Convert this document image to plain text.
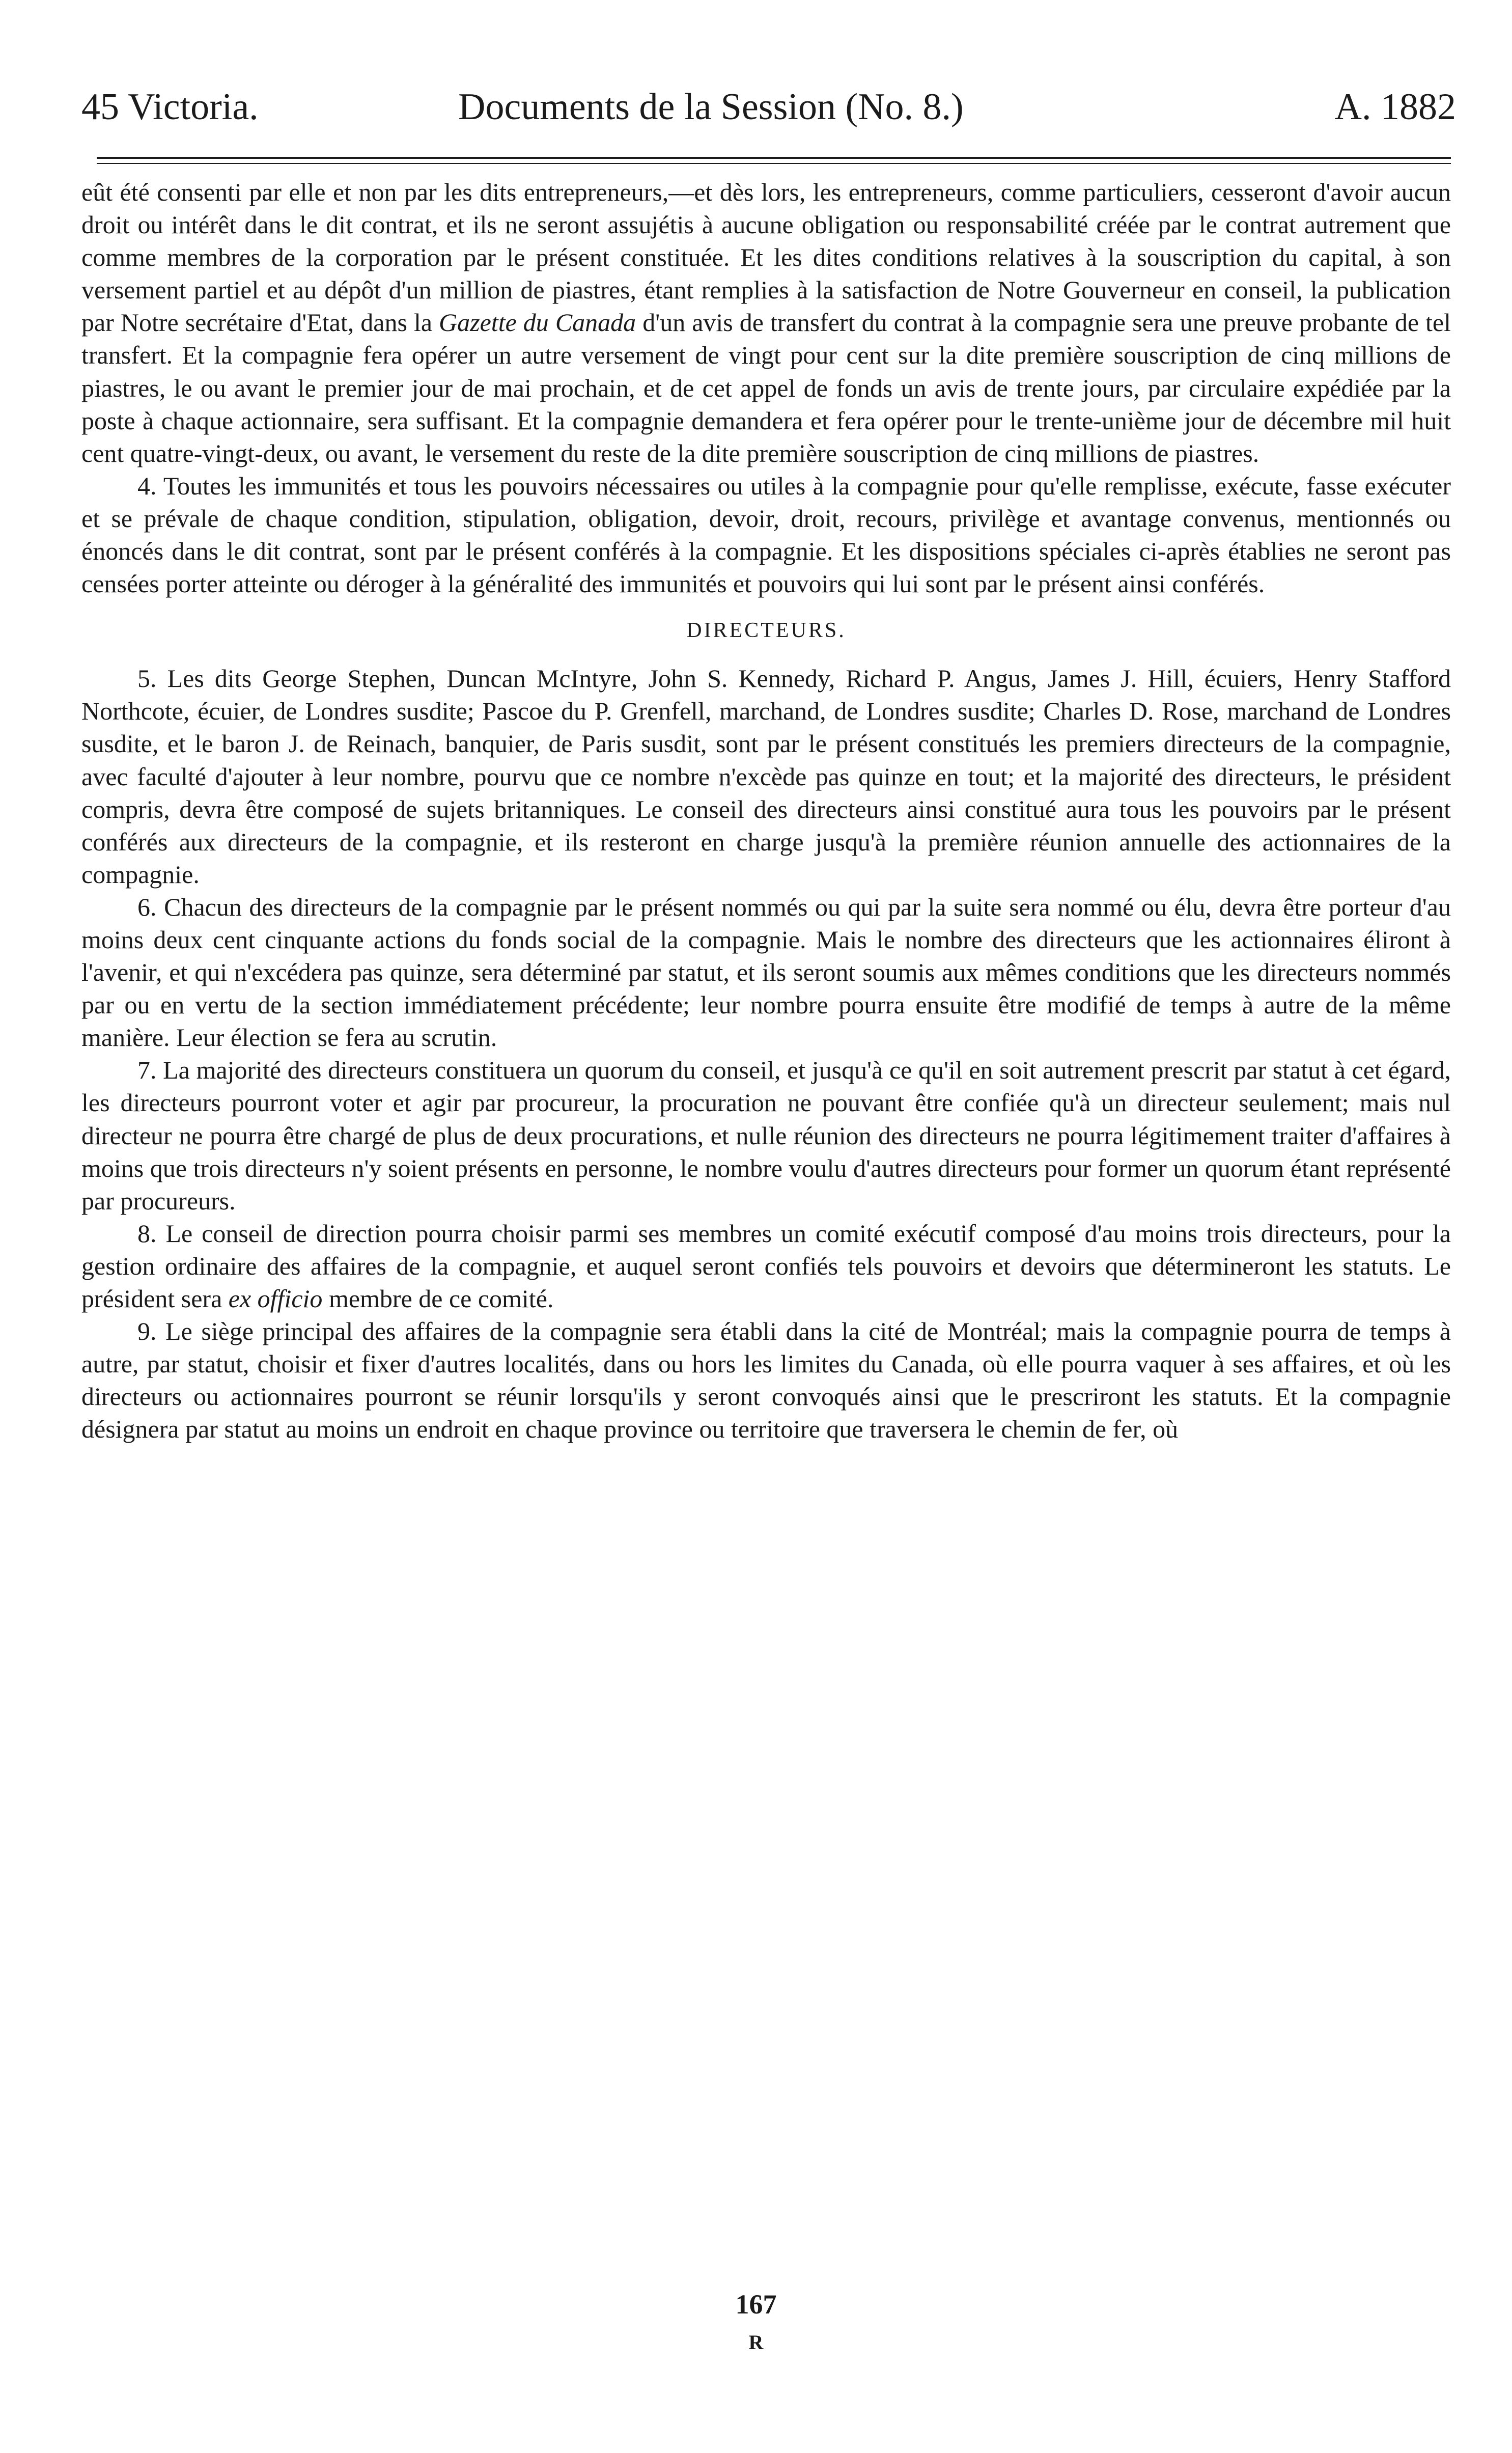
45 Victoria.	Documents de la Session (No. 8.)	A. 1882

eût été consenti par elle et non par les dits entrepreneurs,—et dès lors, les entrepreneurs, comme particuliers, cesseront d'avoir aucun droit ou intérêt dans le dit contrat, et ils ne seront assujétis à aucune obligation ou responsabilité créée par le contrat autrement que comme membres de la corporation par le présent constituée. Et les dites conditions relatives à la souscription du capital, à son versement partiel et au dépôt d'un million de piastres, étant remplies à la satisfaction de Notre Gouverneur en conseil, la publication par Notre secrétaire d'Etat, dans la Gazette du Canada d'un avis de transfert du contrat à la compagnie sera une preuve probante de tel transfert. Et la compagnie fera opérer un autre versement de vingt pour cent sur la dite première souscription de cinq millions de piastres, le ou avant le premier jour de mai prochain, et de cet appel de fonds un avis de trente jours, par circulaire expédiée par la poste à chaque actionnaire, sera suffisant. Et la compagnie demandera et fera opérer pour le trente-unième jour de décembre mil huit cent quatre-vingt-deux, ou avant, le versement du reste de la dite première souscription de cinq millions de piastres.

4. Toutes les immunités et tous les pouvoirs nécessaires ou utiles à la compagnie pour qu'elle remplisse, exécute, fasse exécuter et se prévale de chaque condition, stipulation, obligation, devoir, droit, recours, privilège et avantage convenus, mentionnés ou énoncés dans le dit contrat, sont par le présent conférés à la compagnie. Et les dispositions spéciales ci-après établies ne seront pas censées porter atteinte ou déroger à la généralité des immunités et pouvoirs qui lui sont par le présent ainsi conférés.

DIRECTEURS.

5. Les dits George Stephen, Duncan McIntyre, John S. Kennedy, Richard P. Angus, James J. Hill, écuiers, Henry Stafford Northcote, écuier, de Londres susdite; Pascoe du P. Grenfell, marchand, de Londres susdite; Charles D. Rose, marchand de Londres susdite, et le baron J. de Reinach, banquier, de Paris susdit, sont par le présent constitués les premiers directeurs de la compagnie, avec faculté d'ajouter à leur nombre, pourvu que ce nombre n'excède pas quinze en tout; et la majorité des directeurs, le président compris, devra être composé de sujets britanniques. Le conseil des directeurs ainsi constitué aura tous les pouvoirs par le présent conférés aux directeurs de la compagnie, et ils resteront en charge jusqu'à la première réunion annuelle des actionnaires de la compagnie.

6. Chacun des directeurs de la compagnie par le présent nommés ou qui par la suite sera nommé ou élu, devra être porteur d'au moins deux cent cinquante actions du fonds social de la compagnie. Mais le nombre des directeurs que les actionnaires éliront à l'avenir, et qui n'excédera pas quinze, sera déterminé par statut, et ils seront soumis aux mêmes conditions que les directeurs nommés par ou en vertu de la section immédiatement précédente; leur nombre pourra ensuite être modifié de temps à autre de la même manière. Leur élection se fera au scrutin.

7. La majorité des directeurs constituera un quorum du conseil, et jusqu'à ce qu'il en soit autrement prescrit par statut à cet égard, les directeurs pourront voter et agir par procureur, la procuration ne pouvant être confiée qu'à un directeur seulement; mais nul directeur ne pourra être chargé de plus de deux procurations, et nulle réunion des directeurs ne pourra légitimement traiter d'affaires à moins que trois directeurs n'y soient présents en personne, le nombre voulu d'autres directeurs pour former un quorum étant représenté par procureurs.

8. Le conseil de direction pourra choisir parmi ses membres un comité exécutif composé d'au moins trois directeurs, pour la gestion ordinaire des affaires de la compagnie, et auquel seront confiés tels pouvoirs et devoirs que détermineront les statuts. Le président sera ex officio membre de ce comité.

9. Le siège principal des affaires de la compagnie sera établi dans la cité de Montréal; mais la compagnie pourra de temps à autre, par statut, choisir et fixer d'autres localités, dans ou hors les limites du Canada, où elle pourra vaquer à ses affaires, et où les directeurs ou actionnaires pourront se réunir lorsqu'ils y seront convoqués ainsi que le prescriront les statuts. Et la compagnie désignera par statut au moins un endroit en chaque province ou territoire que traversera le chemin de fer, où

167
R
